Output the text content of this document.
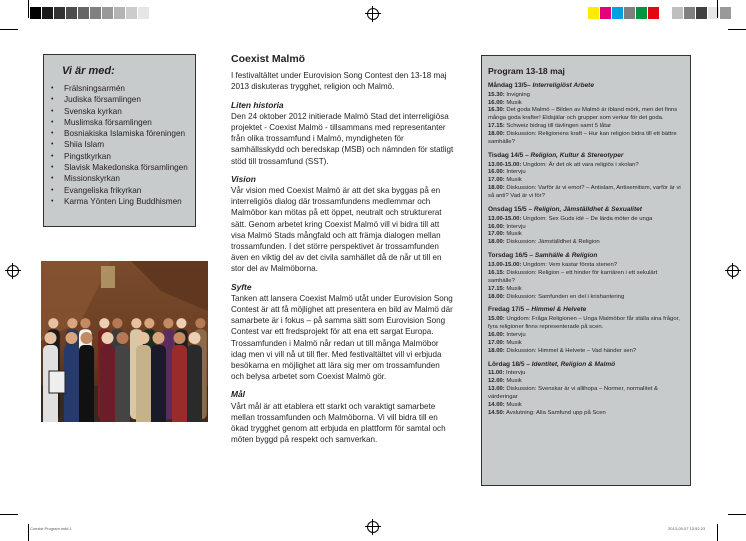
Vi är med:
• Frälsningsarmén
• Judiska församlingen
• Svenska kyrkan
• Muslimska församlingen
• Bosniakiska Islamiska föreningen
• Shiia Islam
• Pingstkyrkan
• Slavisk Makedonska församlingen
• Missionskyrkan
• Evangeliska frikyrkan
• Karma Yönten Ling Buddhismen
Coexist Malmö

I festivaltältet under Eurovision Song Contest den 13-18 maj 2013 diskuteras trygghet, religion och Malmö.

Liten historia

Den 24 oktober 2012 initierade Malmö Stad det interreligiösa projektet - Coexist Malmö - tillsammans med representanter från olika trossamfund i Malmö, myndigheten för samhällsskydd och beredskap (MSB) och nämnden för statligt stöd till trossamfund (SST).

Vision

Vår vision med Coexist Malmö är att det ska byggas på en interreligiös dialog där trossamfundens medlemmar och Malmöbor kan mötas på ett öppet, neutralt och strukturerat sätt. Genom arbetet kring Coexist Malmö vill vi bidra till att visa Malmö Stads mångfald och att främja dialogen mellan trossamfunden. I det större perspektivet är trossamfunden även en viktig del av det civila samhället då de når ut till en stor del av Malmöborna.

Syfte

Tanken att lansera Coexist Malmö utåt under Eurovision Song Contest är att få möjlighet att presentera en bild av Malmö där samarbete är i fokus – på samma sätt som Eurovision Song Contest var ett fredsprojekt för att ena ett sargat Europa. Trossamfunden i Malmö når redan ut till många Malmöbor idag men vi vill nå ut till fler. Med festivaltältet vill vi erbjuda besökarna en möjlighet att lära sig mer om trossamfunden och belysa arbetet som Coexist Malmö gör.

Mål

Vårt mål är att etablera ett starkt och varaktigt samarbete mellan trossamfunden och Malmöborna. Vi vill bidra till en ökad trygghet genom att erbjuda en plattform för samtal och möten byggd på respekt och samverkan.

Program 13-18 maj
Måndag 13/5– Interreligiöst Arbete
15.30: Invigning
16.00: Musik
16.30: Det goda Malmö – Bilden av Malmö är ibland mörk, men det finns många goda krafter! Eldsjälar och grupper som verkar för det goda.
17.15: Schweiz bidrag till tävlingen samt 5 låtar
18.00: Diskussion: Religionens kraft – Hur kan religion bidra till ett bättre samhälle?
Tisdag 14/5 – Religion, Kultur & Stereotyper
13.00-15.00: Ungdom: Är det ok att vara religiös i skolan?
16.00: Intervju
17.00: Musik
18.00: Diskussion: Varför är vi emot? – Antislam, Antisemitism, varför är vi så anti? Vad är vi för?
Onsdag 15/5 – Religion, Jämställdhet & Sexualitet
13.00-15.00: Ungdom: Sex Guds idé – De lärda möter de unga
16.00: Intervju
17.00: Musik
18.00: Diskussion: Jämställdhet & Religion
Torsdag 16/5 – Samhälle & Religion
13.00-15.00: Ungdom: Vem kastar första stenen?
16.15: Diskussion: Religion – ett hinder för karriären i ett sekulärt samhälle?
17.15: Musik
18.00: Diskussion: Samfunden en del i krishantering
Fredag 17/5 – Himmel & Helvete
15.00: Ungdom: Fråga Religionen – Unga Malmöbor får ställa sina frågor, fyra religioner finns representerade på scen.
16.00: Intervju
17.00: Musik
18.00: Diskussion: Himmel & Helvete – Vad händer sen?
Lördag 18/5 – Identitet, Religion & Malmö
11.00: Intervju
12.00: Musik
13.00: Diskussion: Svenskar är vi allihopa – Normer, normalitet & värderingar
14.00: Musik
14.50: Avslutning: Alla Samfund upp på Scen
Coexist Program.indd 1	2013-05-07 13:52:23
